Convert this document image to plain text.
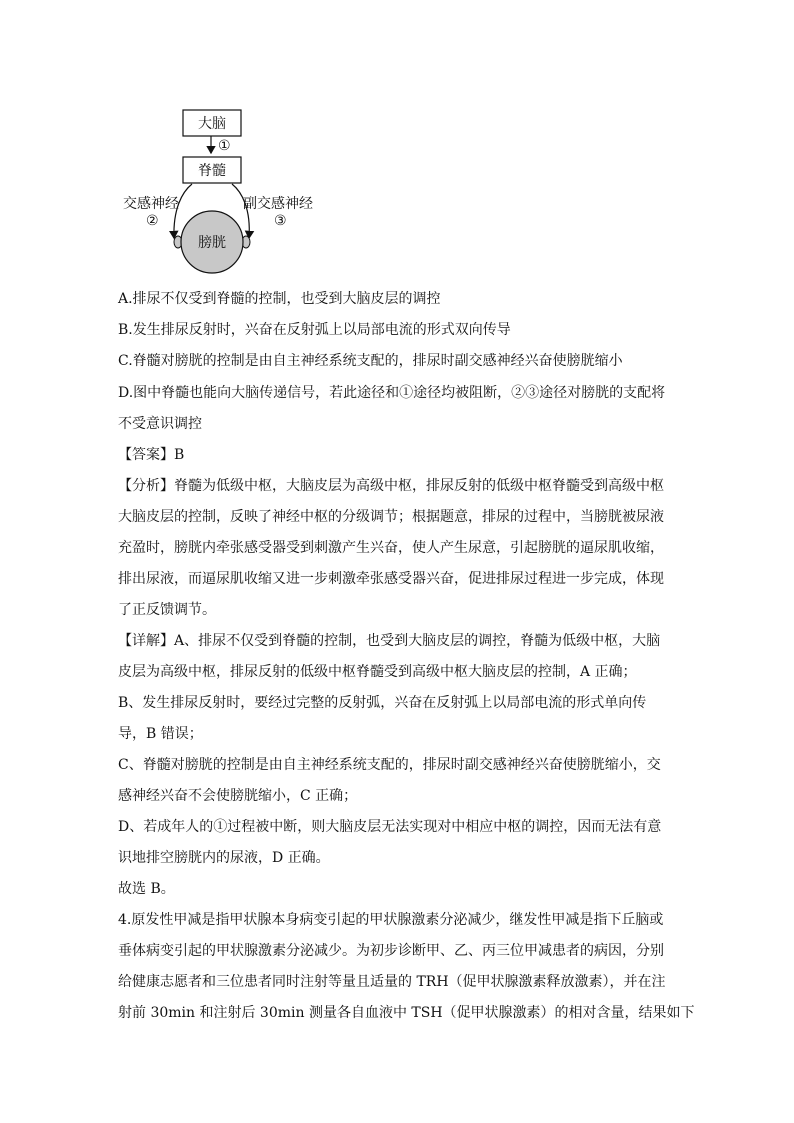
大脑
①
脊髓
交感神经
②
副交感神经
③
膀胱
A.排尿不仅受到脊髓的控制，也受到大脑皮层的调控
B.发生排尿反射时，兴奋在反射弧上以局部电流的形式双向传导
C.脊髓对膀胱的控制是由自主神经系统支配的，排尿时副交感神经兴奋使膀胱缩小
D.图中脊髓也能向大脑传递信号，若此途径和①途径均被阻断，②③途径对膀胱的支配将
不受意识调控
【答案】B
【分析】脊髓为低级中枢，大脑皮层为高级中枢，排尿反射的低级中枢脊髓受到高级中枢
大脑皮层的控制，反映了神经中枢的分级调节；根据题意，排尿的过程中，当膀胱被尿液
充盈时，膀胱内牵张感受器受到刺激产生兴奋，使人产生尿意，引起膀胱的逼尿肌收缩，
排出尿液，而逼尿肌收缩又进一步刺激牵张感受器兴奋，促进排尿过程进一步完成，体现
了正反馈调节。
【详解】A、排尿不仅受到脊髓的控制，也受到大脑皮层的调控，脊髓为低级中枢，大脑
皮层为高级中枢，排尿反射的低级中枢脊髓受到高级中枢大脑皮层的控制，A 正确；
B、发生排尿反射时，要经过完整的反射弧，兴奋在反射弧上以局部电流的形式单向传
导，B 错误；
C、脊髓对膀胱的控制是由自主神经系统支配的，排尿时副交感神经兴奋使膀胱缩小，交
感神经兴奋不会使膀胱缩小，C 正确；
D、若成年人的①过程被中断，则大脑皮层无法实现对中相应中枢的调控，因而无法有意
识地排空膀胱内的尿液，D 正确。
故选 B。
4.原发性甲减是指甲状腺本身病变引起的甲状腺激素分泌减少，继发性甲减是指下丘脑或
垂体病变引起的甲状腺激素分泌减少。为初步诊断甲、乙、丙三位甲减患者的病因，分别
给健康志愿者和三位患者同时注射等量且适量的 TRH（促甲状腺激素释放激素），并在注
射前 30min 和注射后 30min 测量各自血液中 TSH（促甲状腺激素）的相对含量，结果如下
